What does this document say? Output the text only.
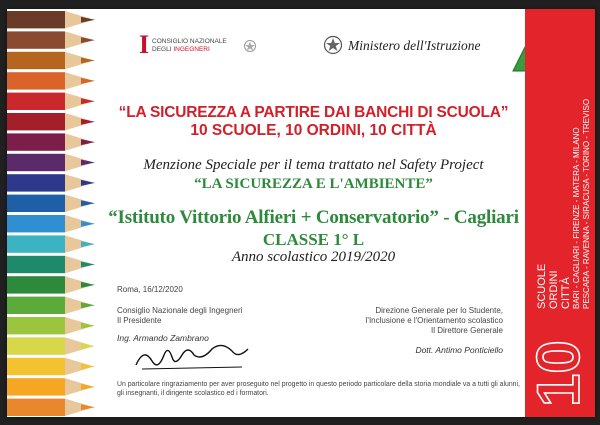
I CONSIGLIO NAZIONALE
DEGLI INGEGNERI	Ministero dell'Istruzione
“LA SICUREZZA A PARTIRE DAI BANCHI DI SCUOLA”
10 SCUOLE, 10 ORDINI, 10 CITTÀ
Menzione Speciale per il tema trattato nel Safety Project
“LA SICUREZZA E L'AMBIENTE”
“Istituto Vittorio Alfieri + Conservatorio” - Cagliari
CLASSE 1° L
Anno scolastico 2019/2020
Roma, 16/12/2020
Consiglio Nazionale degli Ingegneri
Il Presidente
Ing. Armando Zambrano
Direzione Generale per lo Studente,
l'Inclusione e l'Orientamento scolastico
Il Direttore Generale
Dott. Antimo Ponticiello
Un particolare ringraziamento per aver proseguito nel progetto in questo periodo particolare della storia mondiale va a tutti gli alunni,
gli insegnanti, il dirigente scolastico ed i formatori.
SCUOLE ORDINI CITTÀ BARI - CAGLIARI - FIRENZE - MATERA - MILANO PESCARA - RAVENNA - SIRACUSA - TORINO - TREVISO
10
